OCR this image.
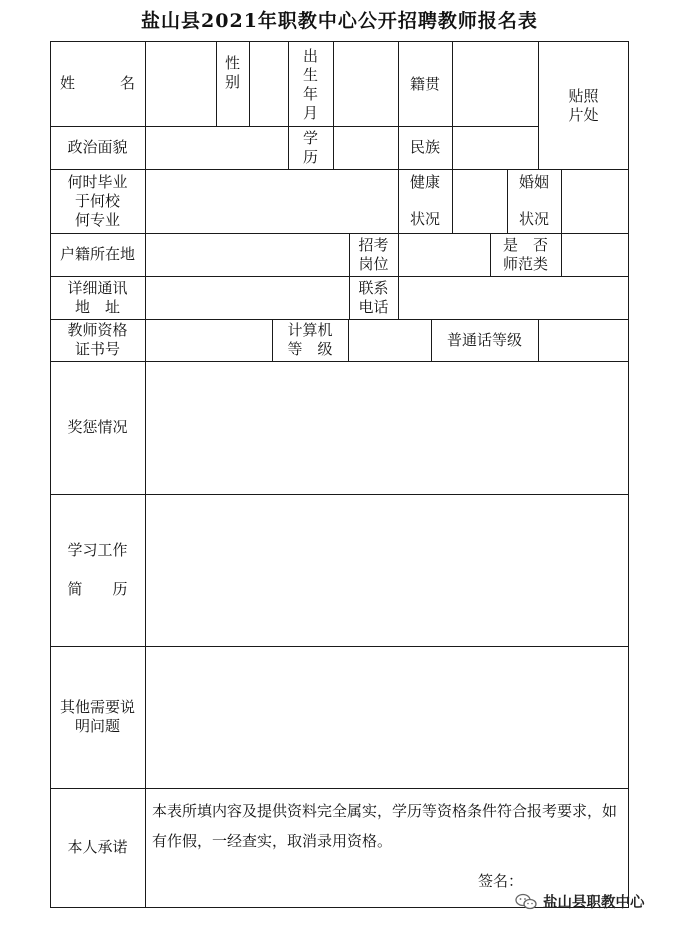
盐山县2021年职教中心公开招聘教师报名表
姓	名
性
别
出
生
年
月
籍贯
贴照
片处
政治面貌
学
历
民族
何时毕业
于何校
何专业
健康
状况
婚姻
状况
户籍所在地
招考
岗位
是　否
师范类
详细通讯
地　址
联系
电话
教师资格
证书号
计算机
等　级
普通话等级
奖惩情况
学习工作
简　　历
其他需要说
明问题
本人承诺
本表所填内容及提供资料完全属实，学历等资格条件符合报考要求，如有作假，一经查实，取消录用资格。
签名：
盐山县职教中心
